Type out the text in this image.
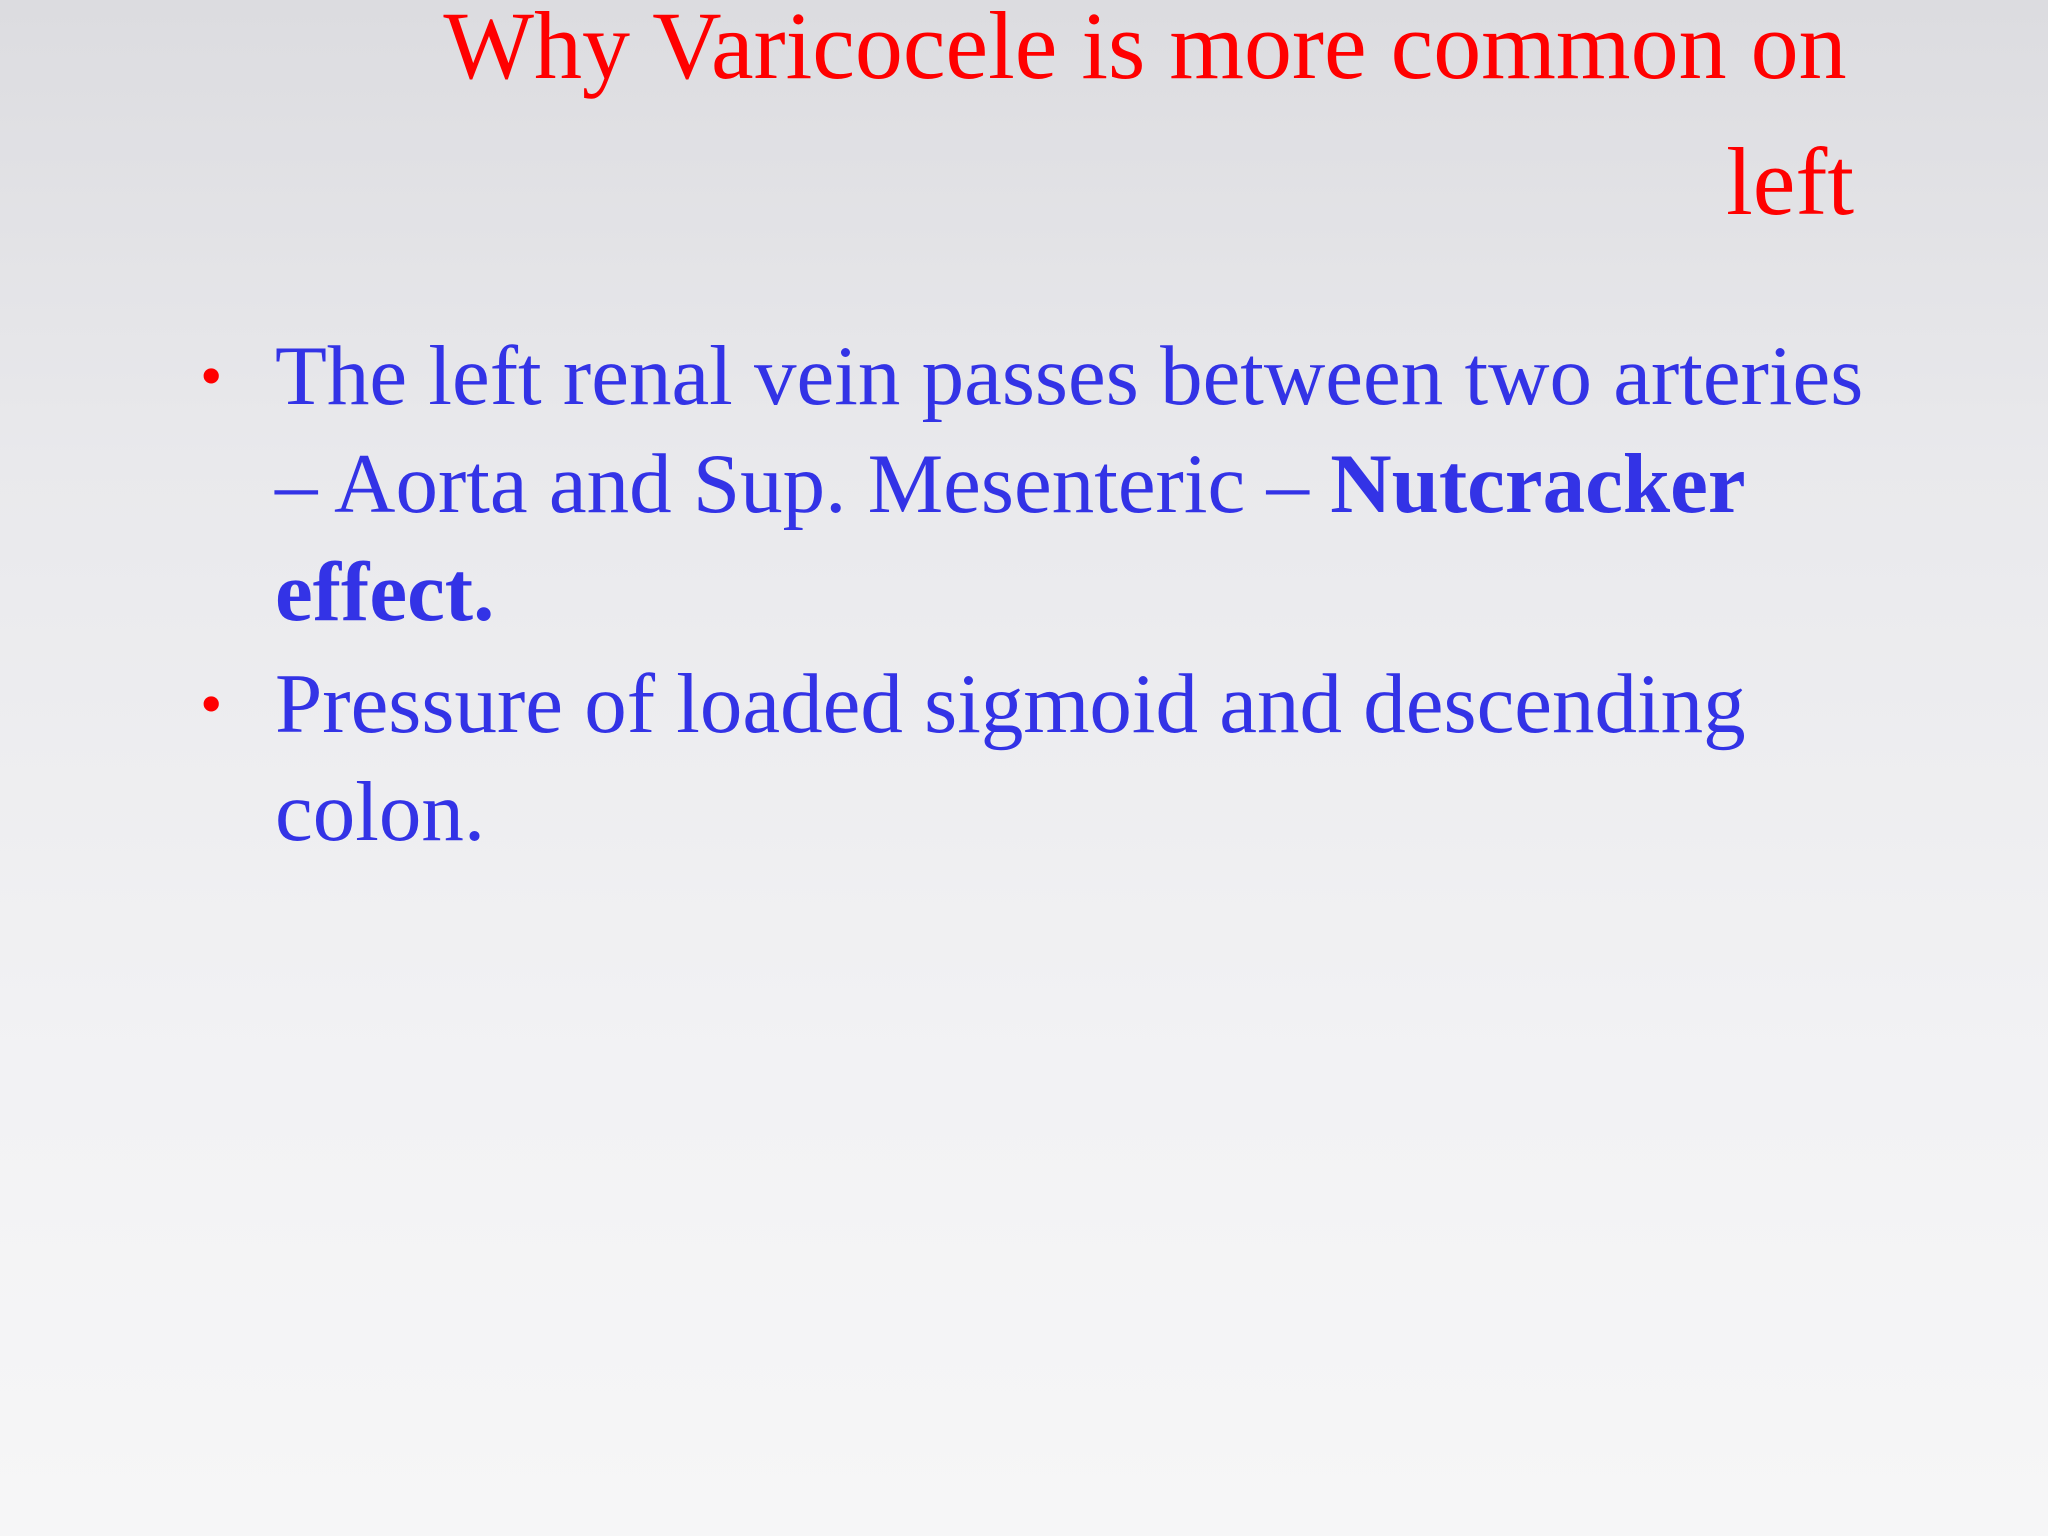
Why Varicocele is more common on
left
• The left renal vein passes between two arteries – Aorta and Sup. Mesenteric – Nutcracker effect.
• Pressure of loaded sigmoid and descending colon.
